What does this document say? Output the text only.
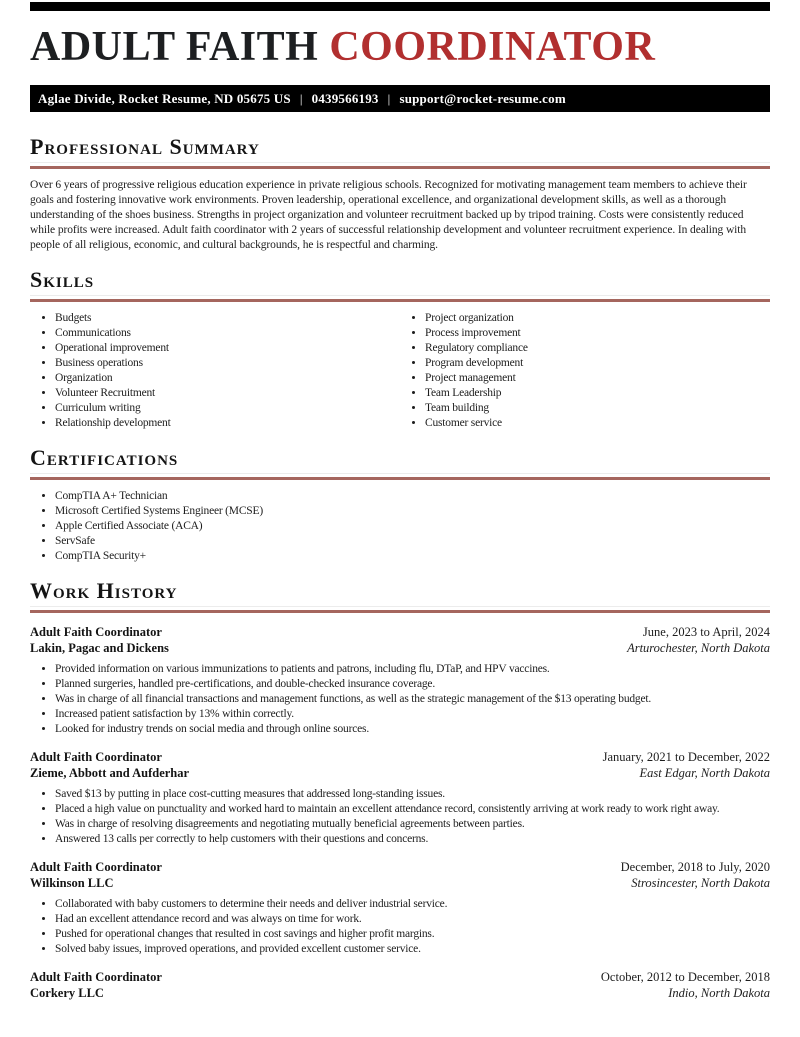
ADULT FAITH COORDINATOR
Aglae Divide, Rocket Resume, ND 05675 US | 0439566193 | support@rocket-resume.com
Professional Summary

Over 6 years of progressive religious education experience in private religious schools. Recognized for motivating management team members to achieve their goals and fostering innovative work environments. Proven leadership, operational excellence, and organizational development skills, as well as a thorough understanding of the shoes business. Strengths in project organization and volunteer recruitment backed up by tripod training. Costs were consistently reduced while profits were increased. Adult faith coordinator with 2 years of successful relationship development and volunteer recruitment experience. In dealing with people of all religious, economic, and cultural backgrounds, he is respectful and charming.

Skills
• Budgets
• Communications
• Operational improvement
• Business operations
• Organization
• Volunteer Recruitment
• Curriculum writing
• Relationship development
• Project organization
• Process improvement
• Regulatory compliance
• Program development
• Project management
• Team Leadership
• Team building
• Customer service
Certifications
• CompTIA A+ Technician
• Microsoft Certified Systems Engineer (MCSE)
• Apple Certified Associate (ACA)
• ServSafe
• CompTIA Security+
Work History
Adult Faith Coordinator	June, 2023 to April, 2024
Lakin, Pagac and Dickens	Arturochester, North Dakota
• Provided information on various immunizations to patients and patrons, including flu, DTaP, and HPV vaccines.
• Planned surgeries, handled pre-certifications, and double-checked insurance coverage.
• Was in charge of all financial transactions and management functions, as well as the strategic management of the $13 operating budget.
• Increased patient satisfaction by 13% within correctly.
• Looked for industry trends on social media and through online sources.
Adult Faith Coordinator	January, 2021 to December, 2022
Zieme, Abbott and Aufderhar	East Edgar, North Dakota
• Saved $13 by putting in place cost-cutting measures that addressed long-standing issues.
• Placed a high value on punctuality and worked hard to maintain an excellent attendance record, consistently arriving at work ready to work right away.
• Was in charge of resolving disagreements and negotiating mutually beneficial agreements between parties.
• Answered 13 calls per correctly to help customers with their questions and concerns.
Adult Faith Coordinator	December, 2018 to July, 2020
Wilkinson LLC	Strosincester, North Dakota
• Collaborated with baby customers to determine their needs and deliver industrial service.
• Had an excellent attendance record and was always on time for work.
• Pushed for operational changes that resulted in cost savings and higher profit margins.
• Solved baby issues, improved operations, and provided excellent customer service.
Adult Faith Coordinator	October, 2012 to December, 2018
Corkery LLC	Indio, North Dakota
